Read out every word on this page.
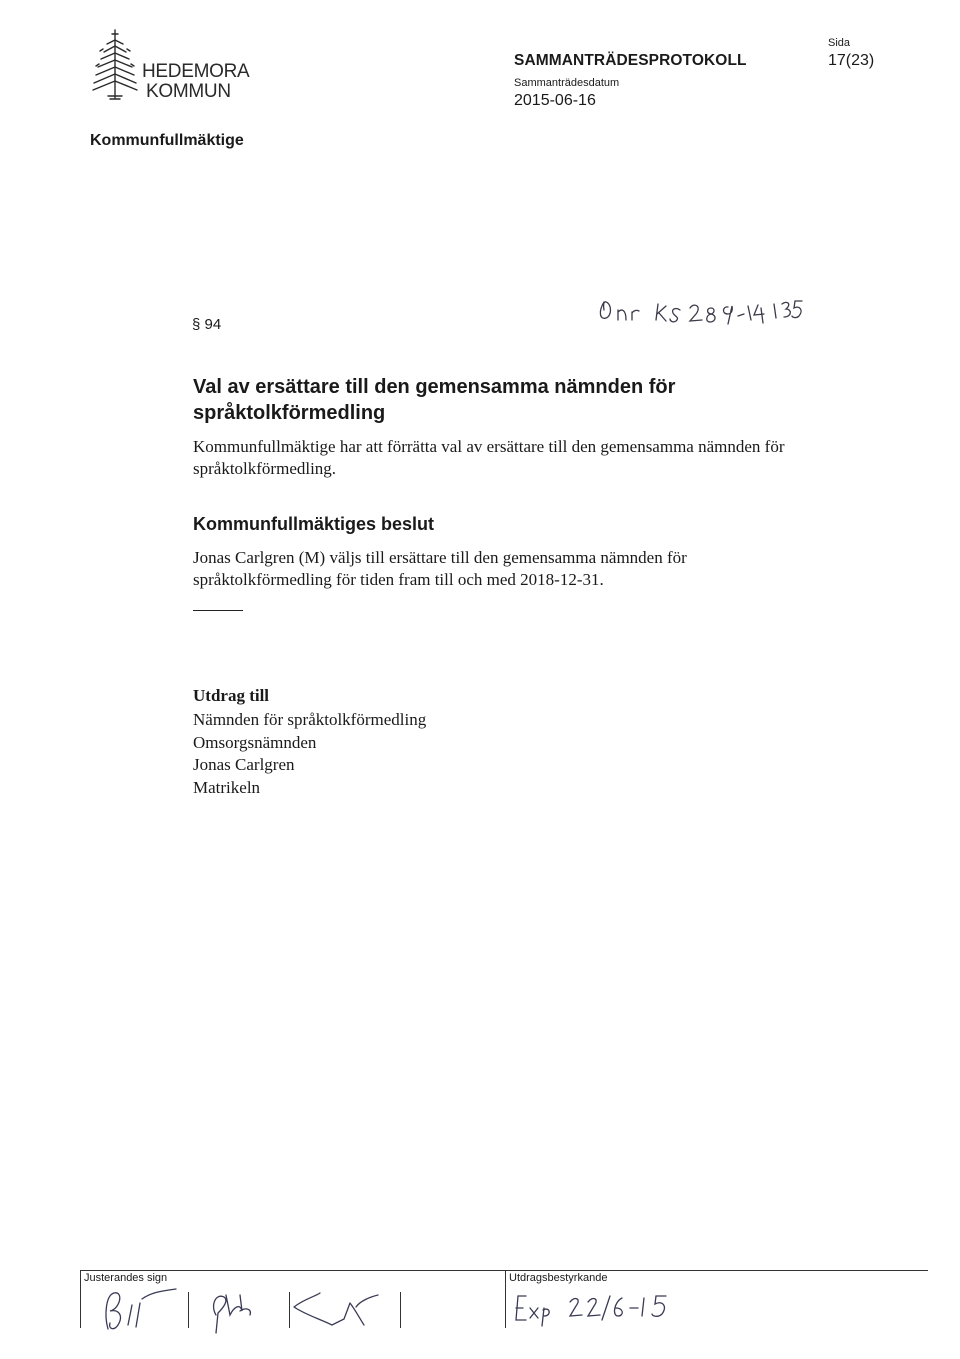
HEDEMORA
KOMMUN
SAMMANTRÄDESPROTOKOLL
Sammanträdesdatum
2015-06-16
Sida
17(23)
Kommunfullmäktige
§ 94
Val av ersättare till den gemensamma nämnden för
språktolkförmedling
Kommunfullmäktige har att förrätta val av ersättare till den gemensamma nämnden för
språktolkförmedling.
Kommunfullmäktiges beslut
Jonas Carlgren (M) väljs till ersättare till den gemensamma nämnden för
språktolkförmedling för tiden fram till och med 2018-12-31.
Utdrag till
Nämnden för språktolkförmedling
Omsorgsnämnden
Jonas Carlgren
Matrikeln
Justerandes sign	Utdragsbestyrkande
